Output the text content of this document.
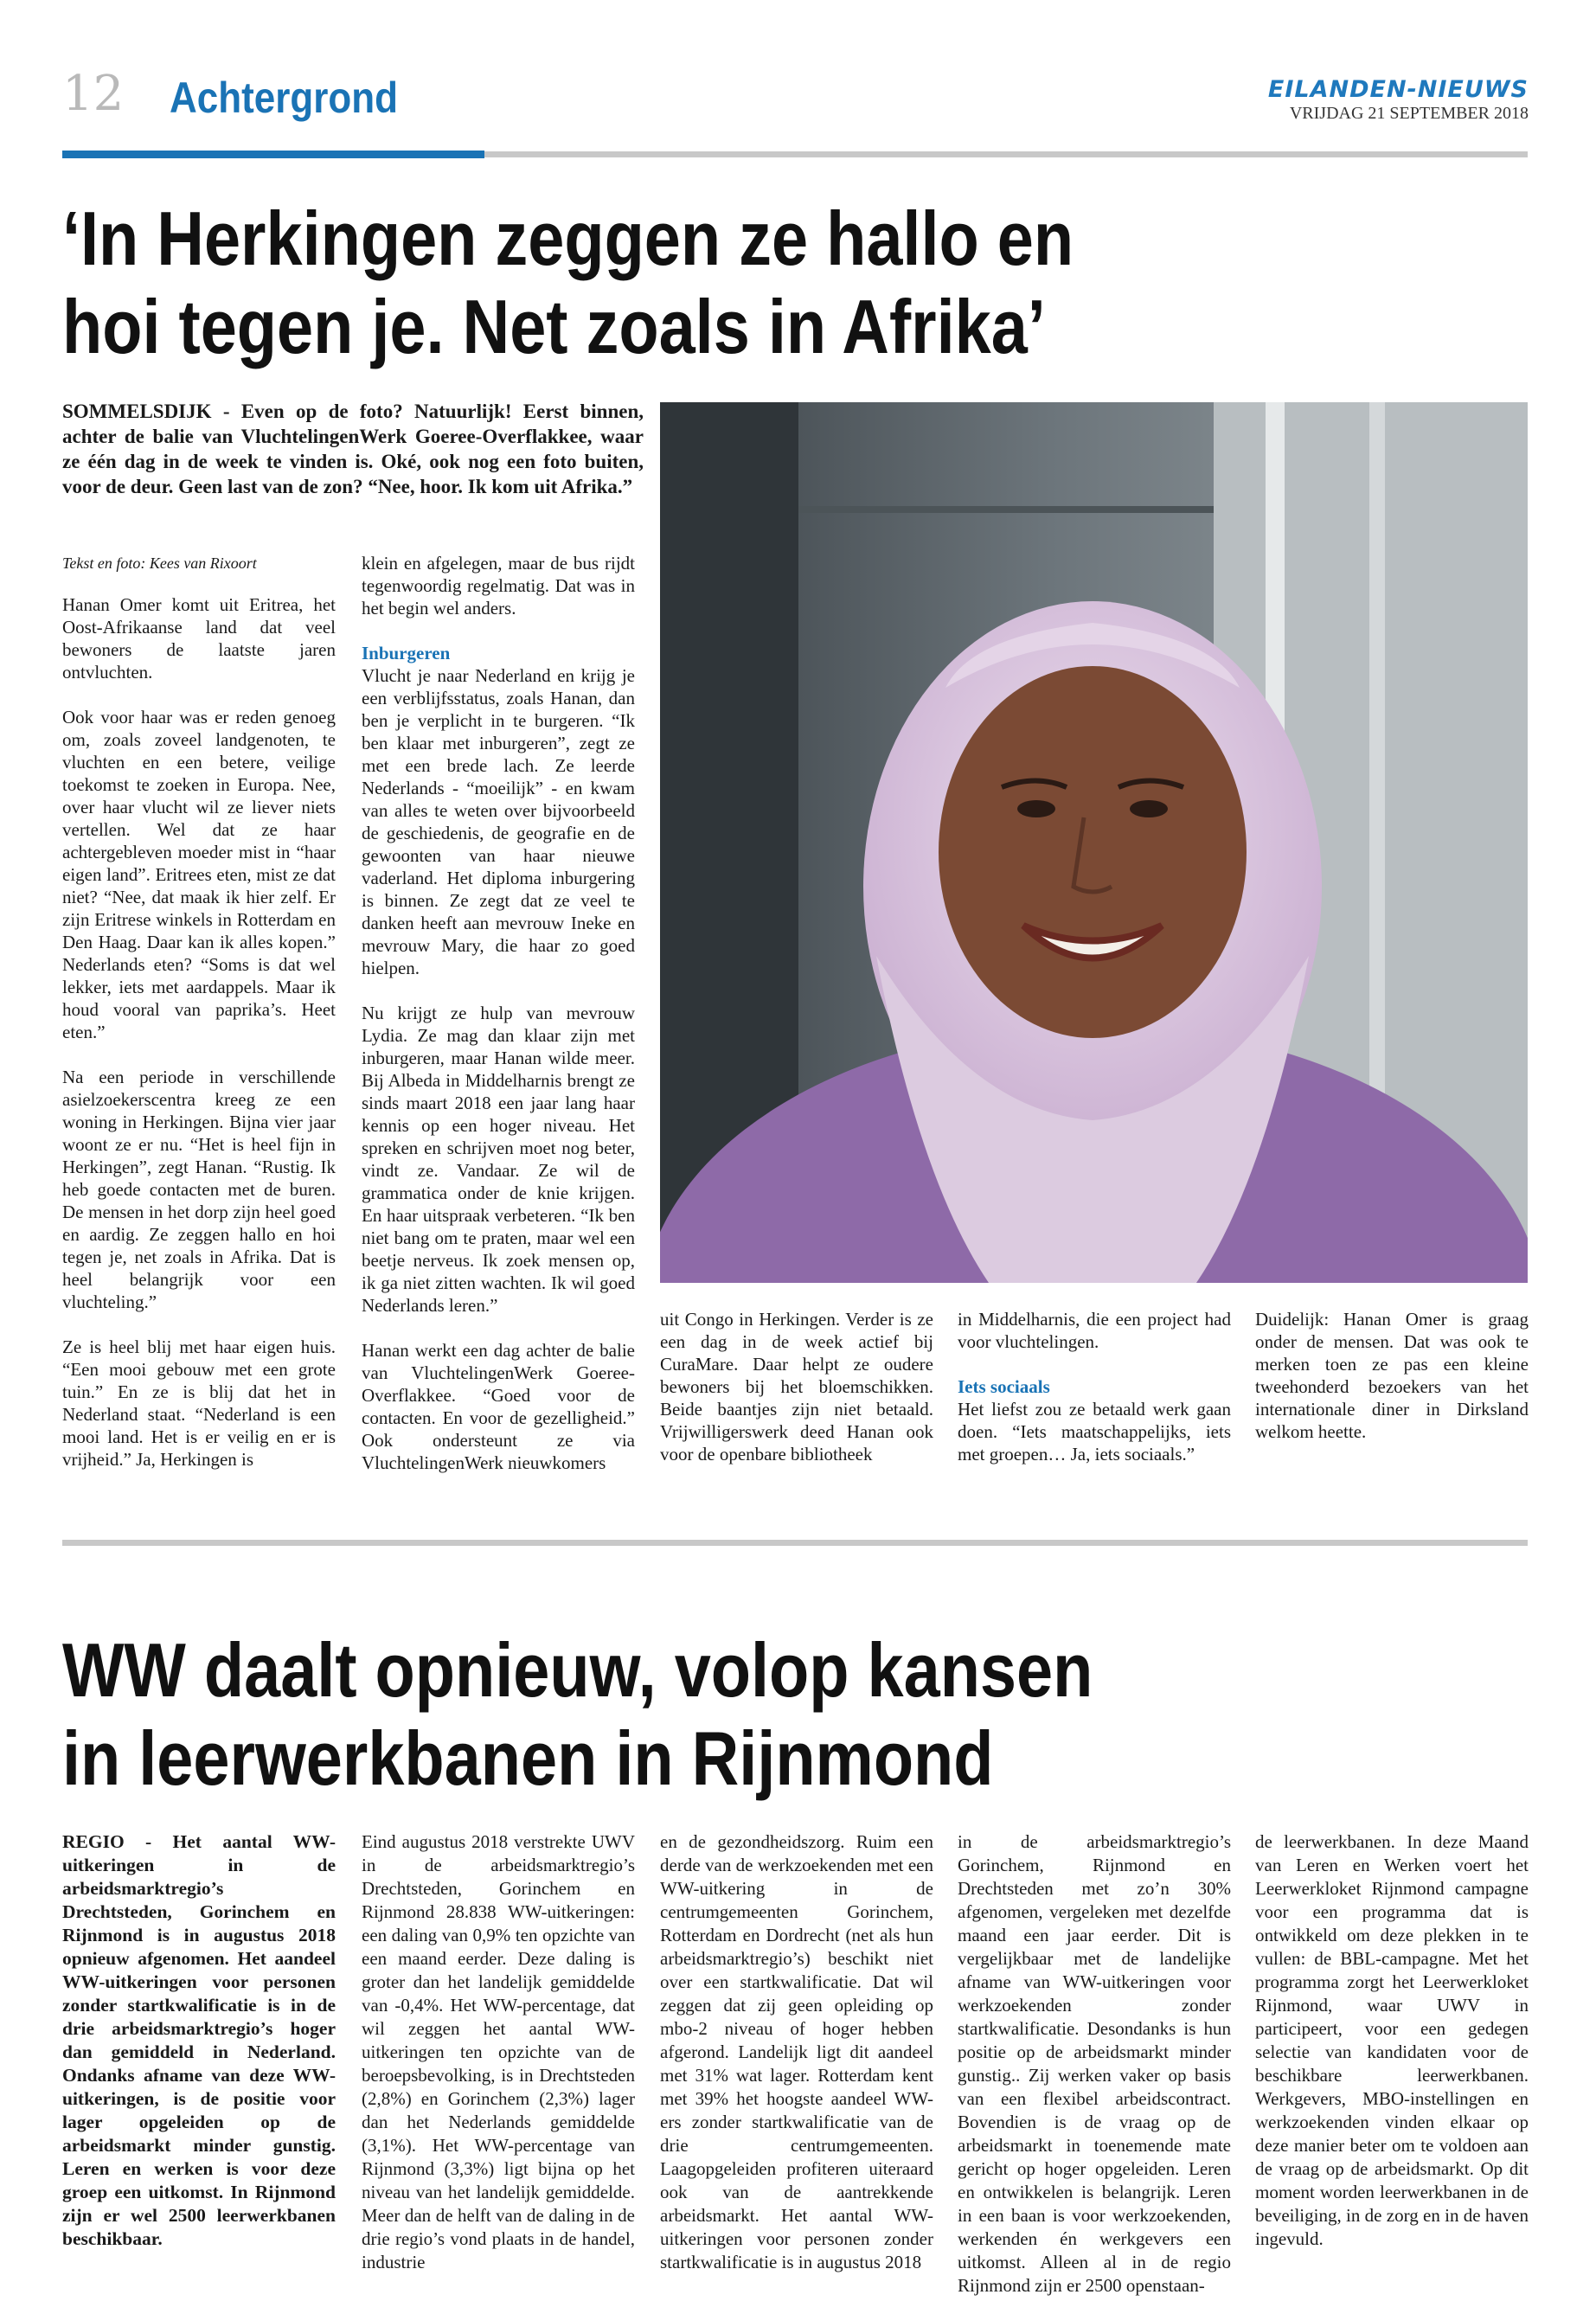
12 Achtergrond	EILANDEN-NIEUWS
VRIJDAG 21 SEPTEMBER 2018
‘In Herkingen zeggen ze hallo en
hoi tegen je. Net zoals in Afrika’

SOMMELSDIJK - Even op de foto? Natuurlijk! Eerst binnen, achter de balie van VluchtelingenWerk Goeree-Overflakkee, waar ze één dag in de week te vinden is. Oké, ook nog een foto buiten, voor de deur. Geen last van de zon? “Nee, hoor. Ik kom uit Afrika.”

Tekst en foto: Kees van Rixoort

Hanan Omer komt uit Eritrea, het Oost-Afrikaanse land dat veel bewoners de laatste jaren ontvluchten.

Ook voor haar was er reden genoeg om, zoals zoveel landgenoten, te vluchten en een betere, veilige toekomst te zoeken in Europa. Nee, over haar vlucht wil ze liever niets vertellen. Wel dat ze haar achtergebleven moeder mist in “haar eigen land”. Eritrees eten, mist ze dat niet? “Nee, dat maak ik hier zelf. Er zijn Eritrese winkels in Rotterdam en Den Haag. Daar kan ik alles kopen.” Nederlands eten? “Soms is dat wel lekker, iets met aardappels. Maar ik houd vooral van paprika’s. Heet eten.”

Na een periode in verschillende asielzoekerscentra kreeg ze een woning in Herkingen. Bijna vier jaar woont ze er nu. “Het is heel fijn in Herkingen”, zegt Hanan. “Rustig. Ik heb goede contacten met de buren. De mensen in het dorp zijn heel goed en aardig. Ze zeggen hallo en hoi tegen je, net zoals in Afrika. Dat is heel belangrijk voor een vluchteling.”

Ze is heel blij met haar eigen huis. “Een mooi gebouw met een grote tuin.” En ze is blij dat het in Nederland staat. “Nederland is een mooi land. Het is er veilig en er is vrijheid.” Ja, Herkingen is

klein en afgelegen, maar de bus rijdt tegenwoordig regelmatig. Dat was in het begin wel anders.

Inburgeren

Vlucht je naar Nederland en krijg je een verblijfsstatus, zoals Hanan, dan ben je verplicht in te burgeren. “Ik ben klaar met inburgeren”, zegt ze met een brede lach. Ze leerde Nederlands - “moeilijk” - en kwam van alles te weten over bijvoorbeeld de geschiedenis, de geografie en de gewoonten van haar nieuwe vaderland. Het diploma inburgering is binnen. Ze zegt dat ze veel te danken heeft aan mevrouw Ineke en mevrouw Mary, die haar zo goed hielpen.

Nu krijgt ze hulp van mevrouw Lydia. Ze mag dan klaar zijn met inburgeren, maar Hanan wilde meer. Bij Albeda in Middelharnis brengt ze sinds maart 2018 een jaar lang haar kennis op een hoger niveau. Het spreken en schrijven moet nog beter, vindt ze. Vandaar. Ze wil de grammatica onder de knie krijgen. En haar uitspraak verbeteren. “Ik ben niet bang om te praten, maar wel een beetje nerveus. Ik zoek mensen op, ik ga niet zitten wachten. Ik wil goed Nederlands leren.”

Hanan werkt een dag achter de balie van VluchtelingenWerk Goeree-Overflakkee. “Goed voor de contacten. En voor de gezelligheid.” Ook ondersteunt ze via VluchtelingenWerk nieuwkomers

uit Congo in Herkingen. Verder is ze een dag in de week actief bij CuraMare. Daar helpt ze oudere bewoners bij het bloemschikken. Beide baantjes zijn niet betaald. Vrijwilligerswerk deed Hanan ook voor de openbare bibliotheek

in Middelharnis, die een project had voor vluchtelingen.

Iets sociaals

Het liefst zou ze betaald werk gaan doen. “Iets maatschappelijks, iets met groepen… Ja, iets sociaals.”

Duidelijk: Hanan Omer is graag onder de mensen. Dat was ook te merken toen ze pas een kleine tweehonderd bezoekers van het internationale diner in Dirksland welkom heette.

WW daalt opnieuw, volop kansen
in leerwerkbanen in Rijnmond

REGIO - Het aantal WW-uitkeringen in de arbeidsmarktregio’s Drechtsteden, Gorinchem en Rijnmond is in augustus 2018 opnieuw afgenomen. Het aandeel WW-uitkeringen voor personen zonder startkwalificatie is in de drie arbeidsmarktregio’s hoger dan gemiddeld in Nederland. Ondanks afname van deze WW-uitkeringen, is de positie voor lager opgeleiden op de arbeidsmarkt minder gunstig. Leren en werken is voor deze groep een uitkomst. In Rijnmond zijn er wel 2500 leerwerkbanen beschikbaar.

Eind augustus 2018 verstrekte UWV in de arbeidsmarktregio’s Drechtsteden, Gorinchem en Rijnmond 28.838 WW-uitkeringen: een daling van 0,9% ten opzichte van een maand eerder. Deze daling is groter dan het landelijk gemiddelde van -0,4%. Het WW-percentage, dat wil zeggen het aantal WW-uitkeringen ten opzichte van de beroepsbevolking, is in Drechtsteden (2,8%) en Gorinchem (2,3%) lager dan het Nederlands gemiddelde (3,1%). Het WW-percentage van Rijnmond (3,3%) ligt bijna op het niveau van het landelijk gemiddelde. Meer dan de helft van de daling in de drie regio’s vond plaats in de handel, industrie

en de gezondheidszorg. Ruim een derde van de werkzoekenden met een WW-uitkering in de centrumgemeenten Gorinchem, Rotterdam en Dordrecht (net als hun arbeidsmarktregio’s) beschikt niet over een startkwalificatie. Dat wil zeggen dat zij geen opleiding op mbo-2 niveau of hoger hebben afgerond. Landelijk ligt dit aandeel met 31% wat lager. Rotterdam kent met 39% het hoogste aandeel WW-ers zonder startkwalificatie van de drie centrumgemeenten. Laagopgeleiden profiteren uiteraard ook van de aantrekkende arbeidsmarkt. Het aantal WW-uitkeringen voor personen zonder startkwalificatie is in augustus 2018

in de arbeidsmarktregio’s Gorinchem, Rijnmond en Drechtsteden met zo’n 30% afgenomen, vergeleken met dezelfde maand een jaar eerder. Dit is vergelijkbaar met de landelijke afname van WW-uitkeringen voor werkzoekenden zonder startkwalificatie. Desondanks is hun positie op de arbeidsmarkt minder gunstig.. Zij werken vaker op basis van een flexibel arbeidscontract. Bovendien is de vraag op de arbeidsmarkt in toenemende mate gericht op hoger opgeleiden. Leren en ontwikkelen is belangrijk. Leren in een baan is voor werkzoekenden, werkenden én werkgevers een uitkomst. Alleen al in de regio Rijnmond zijn er 2500 openstaan-

de leerwerkbanen. In deze Maand van Leren en Werken voert het Leerwerkloket Rijnmond campagne voor een programma dat is ontwikkeld om deze plekken in te vullen: de BBL-campagne. Met het programma zorgt het Leerwerkloket Rijnmond, waar UWV in participeert, voor een gedegen selectie van kandidaten voor de beschikbare leerwerkbanen. Werkgevers, MBO-instellingen en werkzoekenden vinden elkaar op deze manier beter om te voldoen aan de vraag op de arbeidsmarkt. Op dit moment worden leerwerkbanen in de beveiliging, in de zorg en in de haven ingevuld.
